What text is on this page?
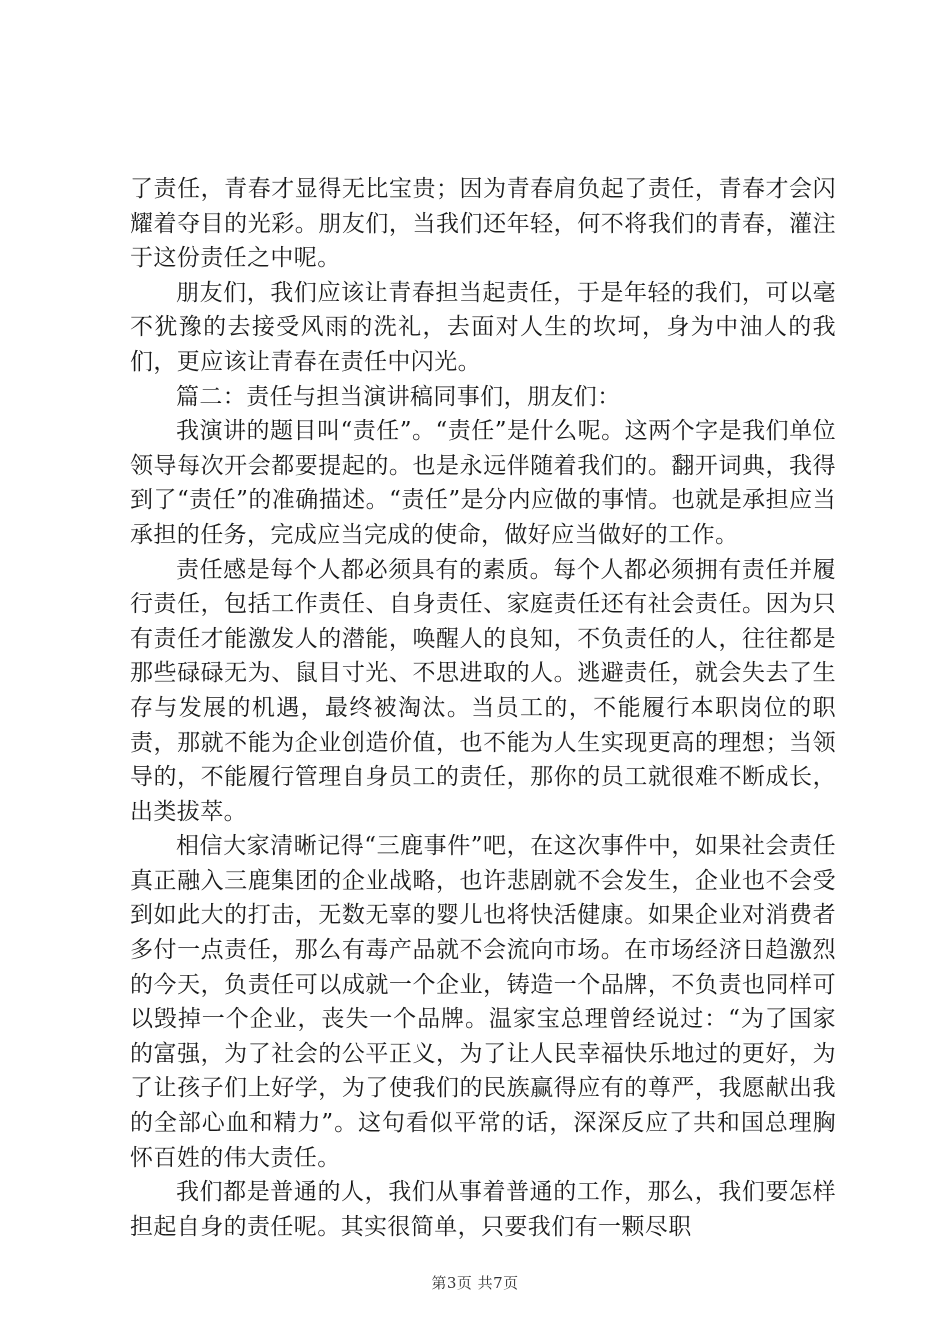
了责任，青春才显得无比宝贵；因为青春肩负起了责任，青春才会闪耀着夺目的光彩。朋友们，当我们还年轻，何不将我们的青春，灌注于这份责任之中呢。

朋友们，我们应该让青春担当起责任，于是年轻的我们，可以毫不犹豫的去接受风雨的洗礼，去面对人生的坎坷，身为中油人的我们，更应该让青春在责任中闪光。

篇二：责任与担当演讲稿同事们，朋友们：

我演讲的题目叫“责任”。“责任”是什么呢。这两个字是我们单位领导每次开会都要提起的。也是永远伴随着我们的。翻开词典，我得到了“责任”的准确描述。“责任”是分内应做的事情。也就是承担应当承担的任务，完成应当完成的使命，做好应当做好的工作。

责任感是每个人都必须具有的素质。每个人都必须拥有责任并履行责任，包括工作责任、自身责任、家庭责任还有社会责任。因为只有责任才能激发人的潜能，唤醒人的良知，不负责任的人，往往都是那些碌碌无为、鼠目寸光、不思进取的人。逃避责任，就会失去了生存与发展的机遇，最终被淘汰。当员工的，不能履行本职岗位的职责，那就不能为企业创造价值，也不能为人生实现更高的理想；当领导的，不能履行管理自身员工的责任，那你的员工就很难不断成长，出类拔萃。

相信大家清晰记得“三鹿事件”吧，在这次事件中，如果社会责任真正融入三鹿集团的企业战略，也许悲剧就不会发生，企业也不会受到如此大的打击，无数无辜的婴儿也将快活健康。如果企业对消费者多付一点责任，那么有毒产品就不会流向市场。在市场经济日趋激烈的今天，负责任可以成就一个企业，铸造一个品牌，不负责也同样可以毁掉一个企业，丧失一个品牌。温家宝总理曾经说过：“为了国家的富强，为了社会的公平正义，为了让人民幸福快乐地过的更好，为了让孩子们上好学，为了使我们的民族赢得应有的尊严，我愿献出我的全部心血和精力”。这句看似平常的话，深深反应了共和国总理胸怀百姓的伟大责任。

我们都是普通的人，我们从事着普通的工作，那么，我们要怎样担起自身的责任呢。其实很简单，只要我们有一颗尽职

第3页 共7页
